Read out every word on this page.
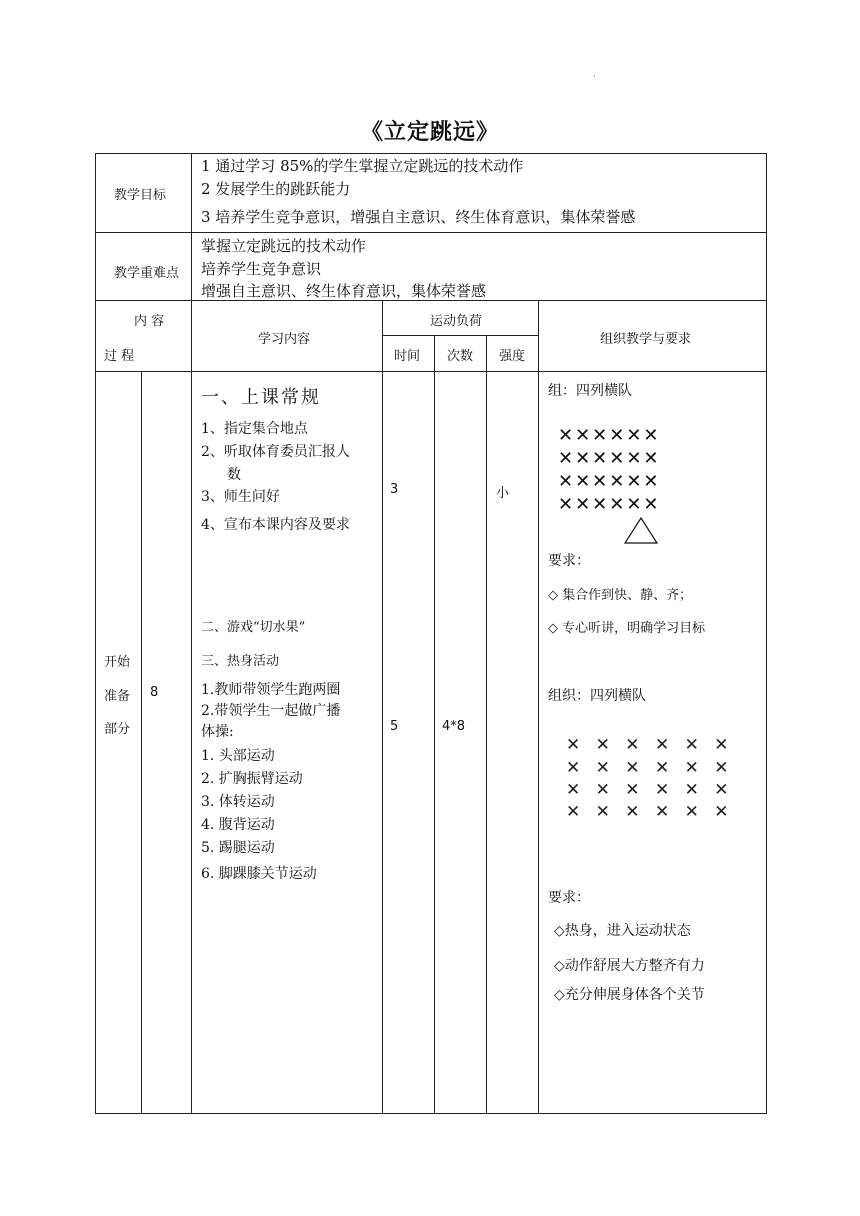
.
《立定跳远》
教学目标
1 通过学习 85%的学生掌握立定跳远的技术动作
2 发展学生的跳跃能力
3 培养学生竞争意识，增强自主意识、终生体育意识，集体荣誉感
教学重难点
掌握立定跳远的技术动作
培养学生竞争意识
增强自主意识、终生体育意识，集体荣誉感
内 容
过 程
学习内容
运动负荷
时间 次数 强度
组织教学与要求
开始
准备
部分
8
一、上课常规
1、指定集合地点
2、听取体育委员汇报人
数
3、师生问好
4、宣布本课内容及要求
二、游戏“切水果”
三、热身活动
1.教师带领学生跑两圈
2.带领学生一起做广播
体操:
1. 头部运动
2. 扩胸振臂运动
3. 体转运动
4. 腹背运动
5. 踢腿运动
6. 脚踝膝关节运动
3	小
5	4*8
组：四列横队
✕✕✕✕✕✕
✕✕✕✕✕✕
✕✕✕✕✕✕
✕✕✕✕✕✕
要求：
◇ 集合作到快、静、齐；
◇ 专心听讲，明确学习目标
组织：四列横队
✕ ✕ ✕ ✕ ✕ ✕
✕ ✕ ✕ ✕ ✕ ✕
✕ ✕ ✕ ✕ ✕ ✕
✕ ✕ ✕ ✕ ✕ ✕
要求：
◇热身，进入运动状态
◇动作舒展大方整齐有力
◇充分伸展身体各个关节
